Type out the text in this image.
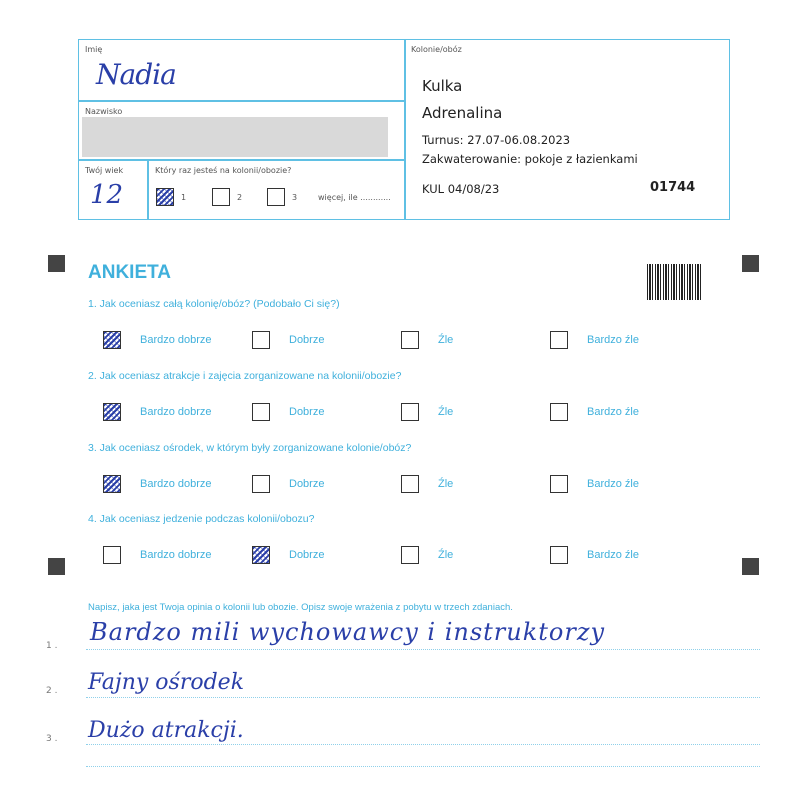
Imię
Nadia
Nazwisko
Twój wiek
12
Który raz jesteś na kolonii/obozie?
1	2	3	więcej, ile ............
Kolonie/obóz
Kulka
Adrenalina
Turnus: 27.07-06.08.2023
Zakwaterowanie: pokoje z łazienkami
KUL 04/08/23	01744
ANKIETA
1. Jak oceniasz całą kolonię/obóz? (Podobało Ci się?)
Bardzo dobrze	Dobrze	Źle	Bardzo źle
2. Jak oceniasz atrakcje i zajęcia zorganizowane na kolonii/obozie?
Bardzo dobrze	Dobrze	Źle	Bardzo źle
3. Jak oceniasz ośrodek, w którym były zorganizowane kolonie/obóz?
Bardzo dobrze	Dobrze	Źle	Bardzo źle
4. Jak oceniasz jedzenie podczas kolonii/obozu?
Bardzo dobrze	Dobrze	Źle	Bardzo źle
Napisz, jaka jest Twoja opinia o kolonii lub obozie. Opisz swoje wrażenia z pobytu w trzech zdaniach.
1 .
2 .
3 .
Bardzo mili wychowawcy i instruktorzy
Fajny ośrodek
Dużo atrakcji.
